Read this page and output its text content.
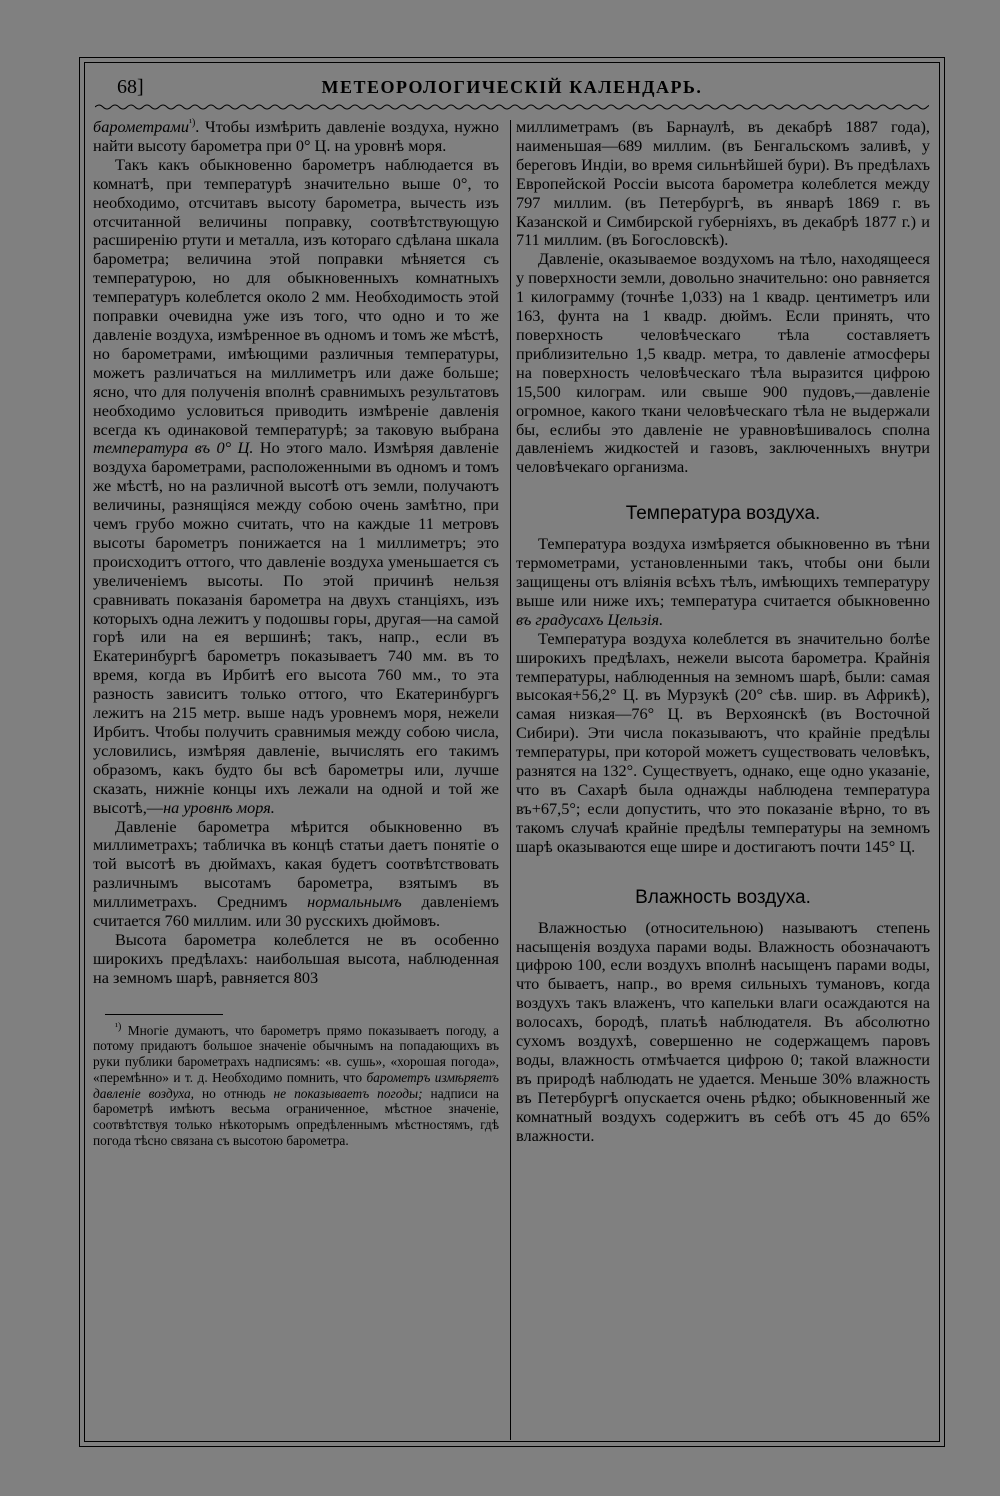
68]	МЕТЕОРОЛОГИЧЕСКІЙ КАЛЕНДАРЬ.

барометрами$^{^1)}$. Чтобы измѣрить давленіе воздуха, нужно найти высоту барометра при 0° Ц. на уровнѣ моря.

Такъ какъ обыкновенно барометръ наблюдается въ комнатѣ, при температурѣ значительно выше 0°, то необходимо, отсчитавъ высоту барометра, вычесть изъ отсчитанной величины поправку, соотвѣтствующую расширенію ртути и металла, изъ котораго сдѣлана шкала барометра; величина этой поправки мѣняется съ температурою, но для обыкновенныхъ комнатныхъ температуръ колеблется около 2 мм. Необходимость этой поправки очевидна уже изъ того, что одно и то же давленіе воздуха, измѣренное въ одномъ и томъ же мѣстѣ, но барометрами, имѣющими различныя температуры, можетъ различаться на миллиметръ или даже больше; ясно, что для полученія вполнѣ сравнимыхъ результатовъ необходимо условиться приводить измѣреніе давленія всегда къ одинаковой температурѣ; за таковую выбрана температура въ 0° Ц. Но этого мало. Измѣряя давленіе воздуха барометрами, расположенными въ одномъ и томъ же мѣстѣ, но на различной высотѣ отъ земли, получаютъ величины, разнящіяся между собою очень замѣтно, при чемъ грубо можно считать, что на каждые 11 метровъ высоты барометръ понижается на 1 миллиметръ; это происходитъ оттого, что давленіе воздуха уменьшается съ увеличеніемъ высоты. По этой причинѣ нельзя сравнивать показанія барометра на двухъ станціяхъ, изъ которыхъ одна лежитъ у подошвы горы, другая—на самой горѣ или на ея вершинѣ; такъ, напр., если въ Екатеринбургѣ барометръ показываетъ 740 мм. въ то время, когда въ Ирбитѣ его высота 760 мм., то эта разность зависитъ только оттого, что Екатеринбургъ лежитъ на 215 метр. выше надъ уровнемъ моря, нежели Ирбитъ. Чтобы получить сравнимыя между собою числа, условились, измѣряя давленіе, вычислять его такимъ образомъ, какъ будто бы всѣ барометры или, лучше сказать, нижніе концы ихъ лежали на одной и той же высотѣ,—на уровнѣ моря.

Давленіе барометра мѣрится обыкновенно въ миллиметрахъ; табличка въ концѣ статьи даетъ понятіе о той высотѣ въ дюймахъ, какая будетъ соотвѣтствовать различнымъ высотамъ барометра, взятымъ въ миллиметрахъ. Среднимъ нормальнымъ давленіемъ считается 760 миллим. или 30 русскихъ дюймовъ.

Высота барометра колеблется не въ особенно широкихъ предѣлахъ: наибольшая высота, наблюденная на земномъ шарѣ, равняется 803

$^{^1)}$ Многіе думаютъ, что барометръ прямо показываетъ погоду, а потому придаютъ большое значеніе обычнымъ на попадающихъ въ руки публики барометрахъ надписямъ: «в. сушь», «хорошая погода», «перемѣнно» и т. д. Необходимо помнить, что барометръ измѣряетъ давленіе воздуха, но отнюдь не показываетъ погоды; надписи на барометрѣ имѣютъ весьма ограниченное, мѣстное значеніе, соотвѣтствуя только нѣкоторымъ опредѣленнымъ мѣстностямъ, гдѣ погода тѣсно связана съ высотою барометра.

миллиметрамъ (въ Барнаулѣ, въ декабрѣ 1887 года), наименьшая—689 миллим. (въ Бенгальскомъ заливѣ, у береговъ Индіи, во время сильнѣйшей бури). Въ предѣлахъ Европейской Россіи высота барометра колеблется между 797 миллим. (въ Петербургѣ, въ январѣ 1869 г. въ Казанской и Симбирской губерніяхъ, въ декабрѣ 1877 г.) и 711 миллим. (въ Богословскѣ).

Давленіе, оказываемое воздухомъ на тѣло, находящееся у поверхности земли, довольно значительно: оно равняется 1 килограмму (точнѣе 1,033) на 1 квадр. центиметръ или 163, фунта на 1 квадр. дюймъ. Если принять, что поверхность человѣческаго тѣла составляетъ приблизительно 1,5 квадр. метра, то давленіе атмосферы на поверхность человѣческаго тѣла выразится цифрою 15,500 килограм. или свыше 900 пудовъ,—давленіе огромное, какого ткани человѣческаго тѣла не выдержали бы, еслибы это давленіе не уравновѣшивалось сполна давленіемъ жидкостей и газовъ, заключенныхъ внутри человѣчекаго организма.

Температура воздуха.

Температура воздуха измѣряется обыкновенно въ тѣни термометрами, установленными такъ, чтобы они были защищены отъ вліянія всѣхъ тѣлъ, имѣющихъ температуру выше или ниже ихъ; температура считается обыкновенно въ градусахъ Цельзія.

Температура воздуха колеблется въ значительно болѣе широкихъ предѣлахъ, нежели высота барометра. Крайнія температуры, наблюденныя на земномъ шарѣ, были: самая высокая+56,2° Ц. въ Мурзукѣ (20° сѣв. шир. въ Африкѣ), самая низкая—76° Ц. въ Верхоянскѣ (въ Восточной Сибири). Эти числа показываютъ, что крайніе предѣлы температуры, при которой можетъ существовать человѣкъ, разнятся на 132°. Существуетъ, однако, еще одно указаніе, что въ Сахарѣ была однажды наблюдена температура въ+67,5°; если допустить, что это показаніе вѣрно, то въ такомъ случаѣ крайніе предѣлы температуры на земномъ шарѣ оказываются еще шире и достигаютъ почти 145° Ц.

Влажность воздуха.

Влажностью (относительною) называютъ степень насыщенія воздуха парами воды. Влажность обозначаютъ цифрою 100, если воздухъ вполнѣ насыщенъ парами воды, что бываетъ, напр., во время сильныхъ тумановъ, когда воздухъ такъ влаженъ, что капельки влаги осаждаются на волосахъ, бородѣ, платьѣ наблюдателя. Въ абсолютно сухомъ воздухѣ, совершенно не содержащемъ паровъ воды, влажность отмѣчается цифрою 0; такой влажности въ природѣ наблюдать не удается. Меньше 30% влажность въ Петербургѣ опускается очень рѣдко; обыкновенный же комнатный воздухъ содержитъ въ себѣ отъ 45 до 65% влажности.
